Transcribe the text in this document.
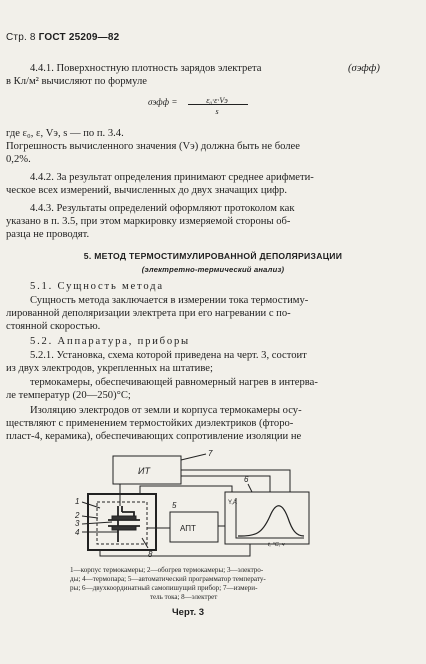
Стр. 8 ГОСТ 25209—82
4.4.1. Поверхностную плотность зарядов электрета	(σэфф)
в Кл/м² вычисляют по формуле
σэфф =	ε₀·ε·Vэ
s
где ε₀, ε, Vэ, s — по п. 3.4.
Погрешность вычисленного значения (Vэ) должна быть не более
0,2%.
4.4.2. За результат определения принимают среднее арифмети-
ческое всех измерений, вычисленных до двух значащих цифр.
4.4.3. Результаты определений оформляют протоколом как
указано в п. 3.5, при этом маркировку измеряемой стороны об-
разца не проводят.
5. МЕТОД ТЕРМОСТИМУЛИРОВАННОЙ ДЕПОЛЯРИЗАЦИИ
(электретно-термический анализ)
5.1. Сущность метода
Сущность метода заключается в измерении тока термостиму-
лированной деполяризации электрета при его нагревании с по-
стоянной скоростью.
5.2. Аппаратура, приборы
5.2.1. Установка, схема которой приведена на черт. 3, состоит
из двух электродов, укрепленных на штативе;
термокамеры, обеспечивающей равномерный нагрев в интерва-
ле температур (20—250)°С;
Изоляцию электродов от земли и корпуса термокамеры осу-
ществляют с применением термостойких диэлектриков (фторо-
пласт-4, керамика), обеспечивающих сопротивление изоляции не
ИТ
АПТ
7
1
2
3
4
5
6
8
Y,A
t, °C, ч
1—корпус термокамеры; 2—обогрев термокамеры; 3—электро-
ды; 4—термопара; 5—автоматический программатор температу-
ры; 6—двухкоординатный самопишущий прибор; 7—измери-
тель тока; 8—электрет
Черт. 3
